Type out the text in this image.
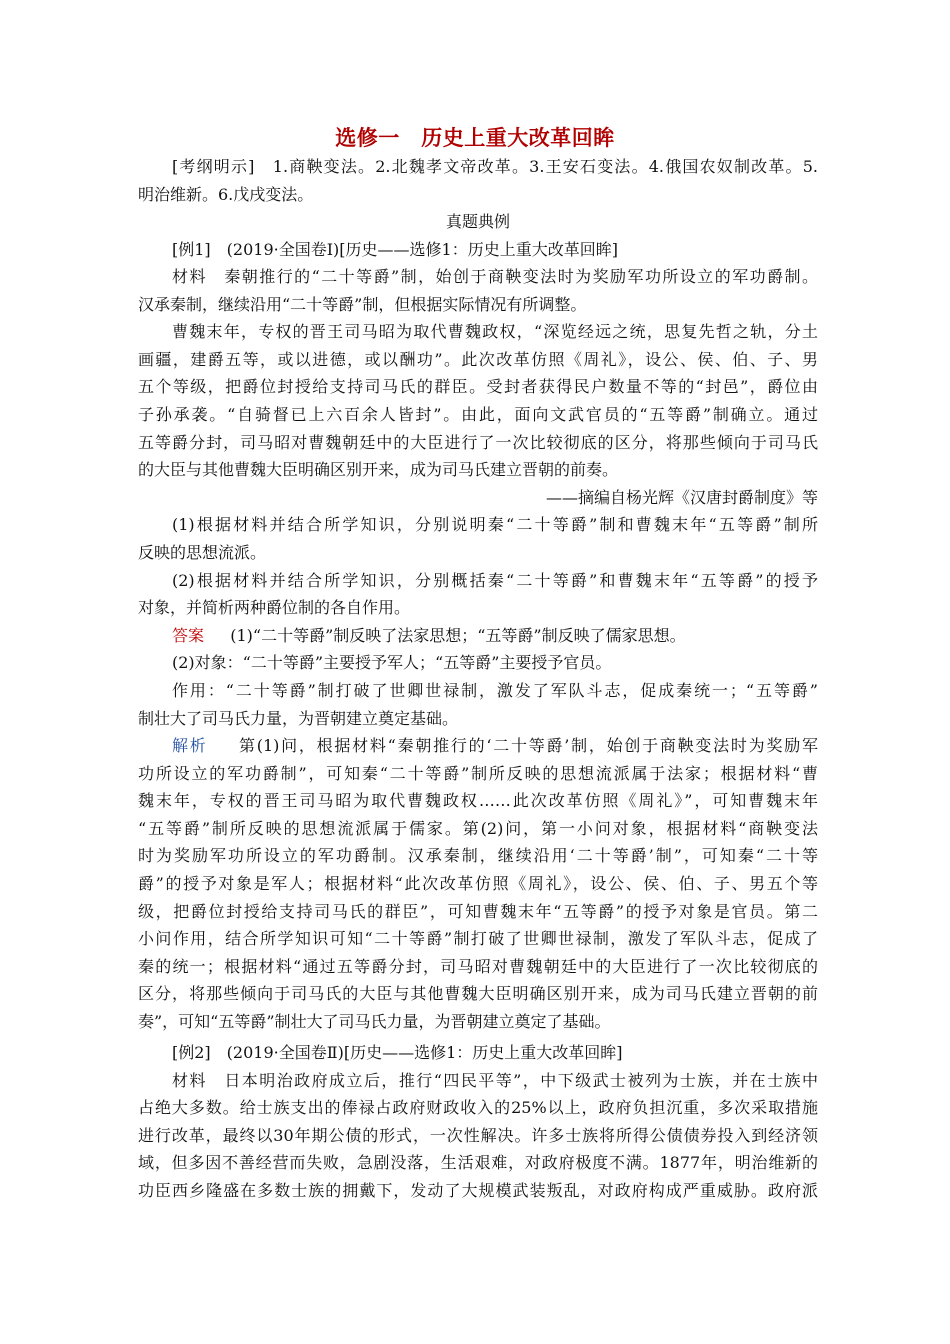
选修一　历史上重大改革回眸
[考纲明示]　1.商鞅变法。2.北魏孝文帝改革。3.王安石变法。4.俄国农奴制改革。5.
明治维新。6.戊戌变法。
真题典例
[例1]　(2019·全国卷Ⅰ)[历史——选修1：历史上重大改革回眸]
材料　秦朝推行的“二十等爵”制，始创于商鞅变法时为奖励军功所设立的军功爵制。
汉承秦制，继续沿用“二十等爵”制，但根据实际情况有所调整。
曹魏末年，专权的晋王司马昭为取代曹魏政权，“深览经远之统，思复先哲之轨，分土
画疆，建爵五等，或以进德，或以酬功”。此次改革仿照《周礼》，设公、侯、伯、子、男
五个等级，把爵位封授给支持司马氏的群臣。受封者获得民户数量不等的“封邑”，爵位由
子孙承袭。“自骑督已上六百余人皆封”。由此，面向文武官员的“五等爵”制确立。通过
五等爵分封，司马昭对曹魏朝廷中的大臣进行了一次比较彻底的区分，将那些倾向于司马氏
的大臣与其他曹魏大臣明确区别开来，成为司马氏建立晋朝的前奏。
——摘编自杨光辉《汉唐封爵制度》等
(1)根据材料并结合所学知识，分别说明秦“二十等爵”制和曹魏末年“五等爵”制所
反映的思想流派。
(2)根据材料并结合所学知识，分别概括秦“二十等爵”和曹魏末年“五等爵”的授予
对象，并简析两种爵位制的各自作用。
答案 　 (1)“二十等爵”制反映了法家思想；“五等爵”制反映了儒家思想。
(2)对象：“二十等爵”主要授予军人；“五等爵”主要授予官员。
作用：“二十等爵”制打破了世卿世禄制，激发了军队斗志，促成秦统一；“五等爵”
制壮大了司马氏力量，为晋朝建立奠定基础。
解析 　 第(1)问，根据材料“秦朝推行的‘二十等爵’制，始创于商鞅变法时为奖励军
功所设立的军功爵制”，可知秦“二十等爵”制所反映的思想流派属于法家；根据材料“曹
魏末年，专权的晋王司马昭为取代曹魏政权……此次改革仿照《周礼》”，可知曹魏末年
“五等爵”制所反映的思想流派属于儒家。第(2)问，第一小问对象，根据材料“商鞅变法
时为奖励军功所设立的军功爵制。汉承秦制，继续沿用‘二十等爵’制”，可知秦“二十等
爵”的授予对象是军人；根据材料“此次改革仿照《周礼》，设公、侯、伯、子、男五个等
级，把爵位封授给支持司马氏的群臣”，可知曹魏末年“五等爵”的授予对象是官员。第二
小问作用，结合所学知识可知“二十等爵”制打破了世卿世禄制，激发了军队斗志，促成了
秦的统一；根据材料“通过五等爵分封，司马昭对曹魏朝廷中的大臣进行了一次比较彻底的
区分，将那些倾向于司马氏的大臣与其他曹魏大臣明确区别开来，成为司马氏建立晋朝的前
奏”，可知“五等爵”制壮大了司马氏力量，为晋朝建立奠定了基础。
[例2]　(2019·全国卷Ⅱ)[历史——选修1：历史上重大改革回眸]
材料　日本明治政府成立后，推行“四民平等”，中下级武士被列为士族，并在士族中
占绝大多数。给士族支出的俸禄占政府财政收入的25%以上，政府负担沉重，多次采取措施
进行改革，最终以30年期公债的形式，一次性解决。许多士族将所得公债债券投入到经济领
域，但多因不善经营而失败，急剧没落，生活艰难，对政府极度不满。1877年，明治维新的
功臣西乡隆盛在多数士族的拥戴下，发动了大规模武装叛乱，对政府构成严重威胁。政府派
